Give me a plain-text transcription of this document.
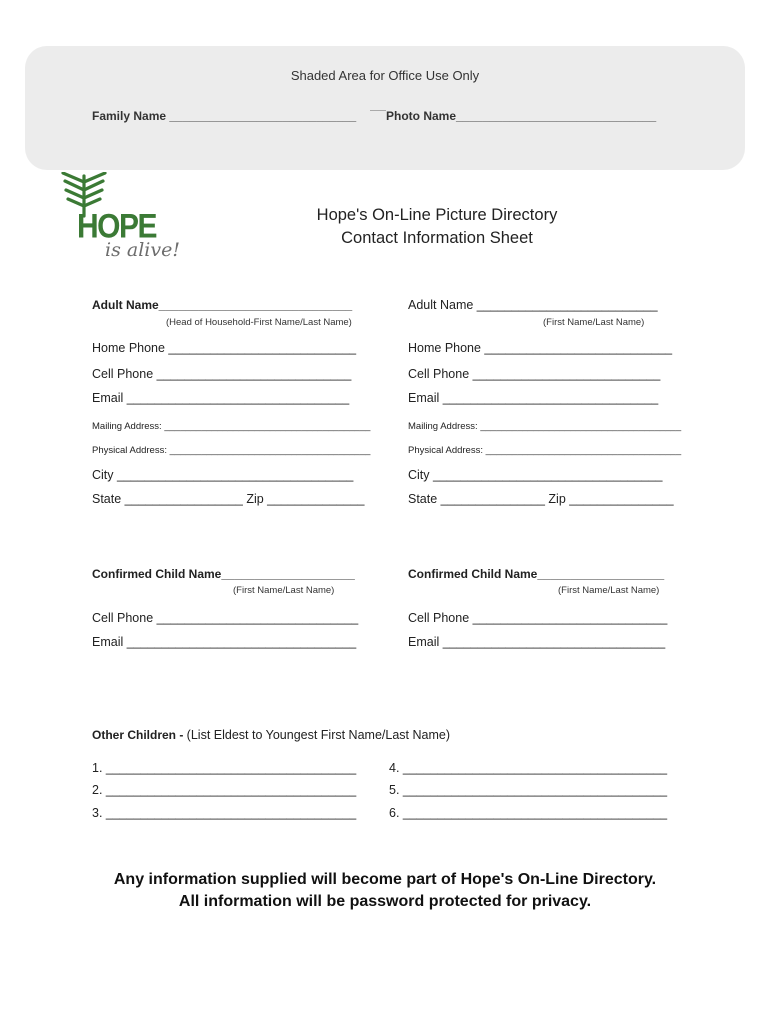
Shaded Area for Office Use Only
Family Name ____________________________ Photo Name______________________________
HOPE
is alive!
Hope's On-Line Picture Directory
Contact Information Sheet
Adult Name_____________________________
(Head of Household-First Name/Last Name)
Home Phone ___________________________
Cell Phone ____________________________
Email ________________________________
Mailing Address: _______________________________________
Physical Address: ______________________________________
City __________________________________
State _________________ Zip ______________
Confirmed Child Name____________________
(First Name/Last Name)
Cell Phone _____________________________
Email _________________________________
Adult Name __________________________
(First Name/Last Name)
Home Phone ___________________________
Cell Phone ___________________________
Email _______________________________
Mailing Address: ______________________________________
Physical Address: _____________________________________
City _________________________________
State _______________ Zip _______________
Confirmed Child Name___________________
(First Name/Last Name)
Cell Phone ____________________________
Email ________________________________
Other Children - (List Eldest to Youngest First Name/Last Name)
1. ____________________________________
2. ____________________________________
3. ____________________________________
4. ______________________________________
5. ______________________________________
6. ______________________________________
Any information supplied will become part of Hope's On-Line Directory.
All information will be password protected for privacy.
